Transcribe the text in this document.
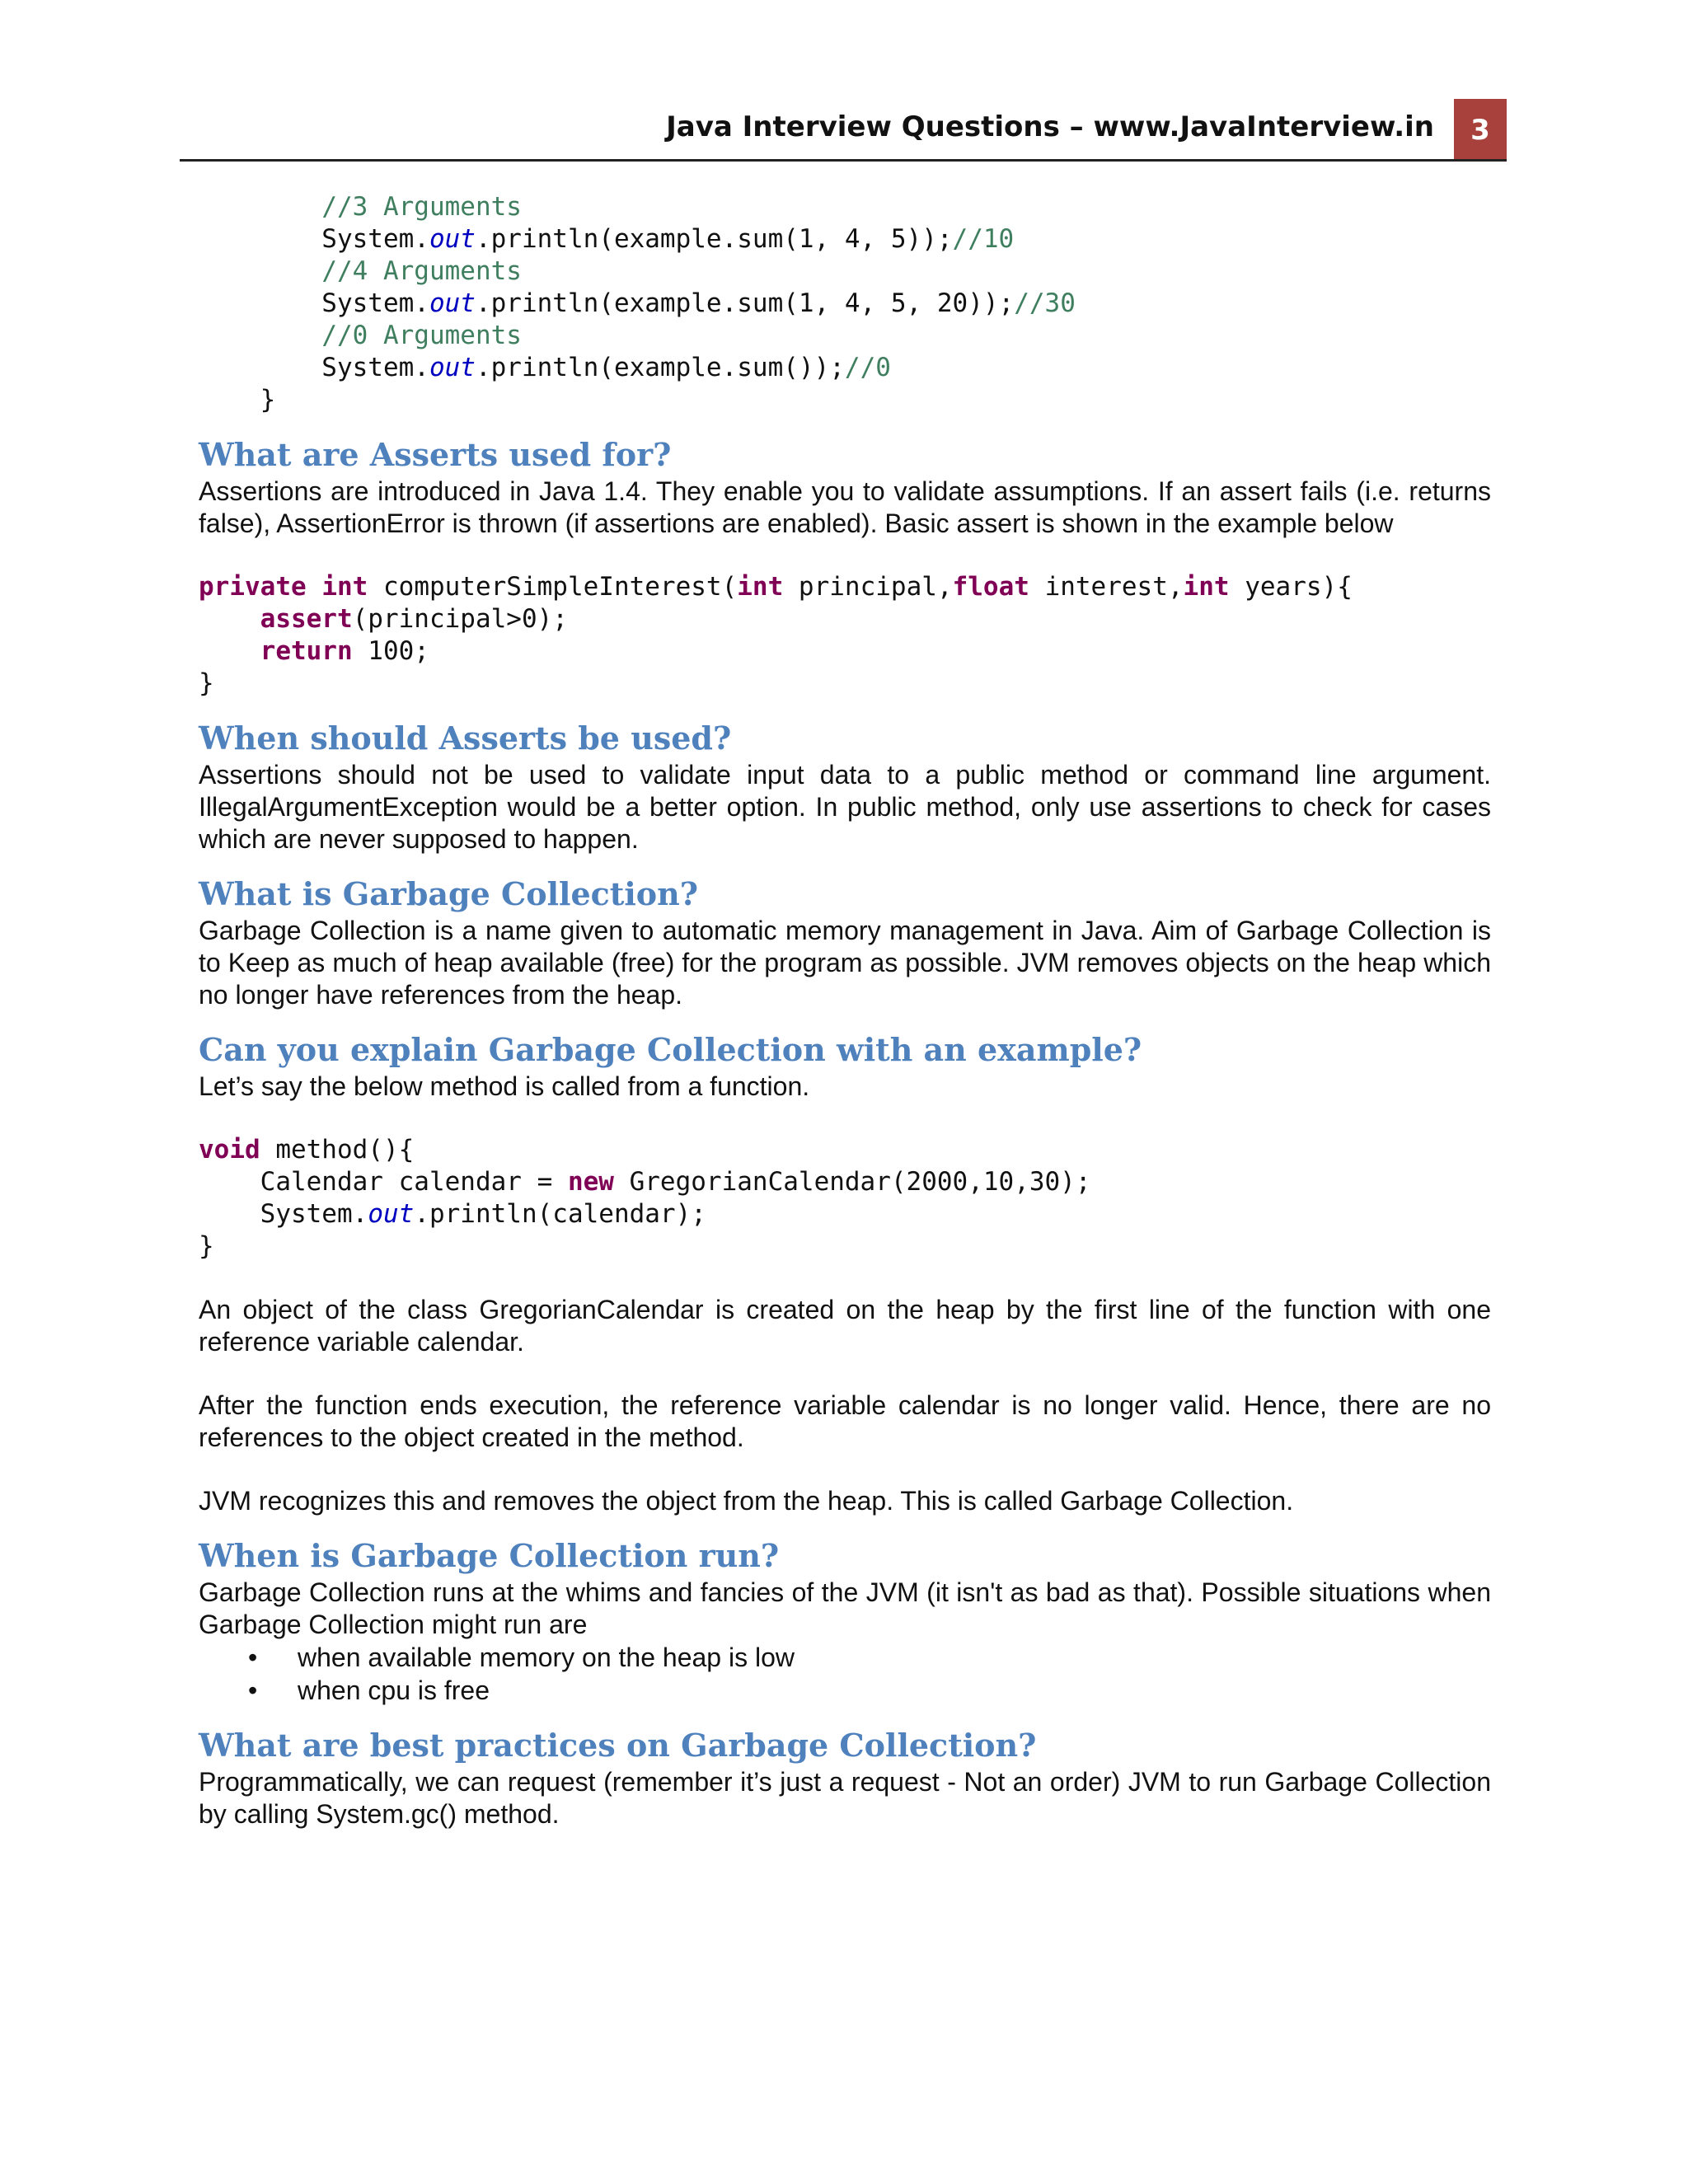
Java Interview Questions – www.JavaInterview.in	3
//3 Arguments
System.out.println(example.sum(1, 4, 5));//10
//4 Arguments
System.out.println(example.sum(1, 4, 5, 20));//30
//0 Arguments
System.out.println(example.sum());//0
}
What are Asserts used for?

Assertions are introduced in Java 1.4. They enable you to validate assumptions. If an assert fails (i.e. returns false), AssertionError is thrown (if assertions are enabled). Basic assert is shown in the example below

private int computerSimpleInterest(int principal,float interest,int years){
assert(principal>0);
return 100;
}
When should Asserts be used?

Assertions should not be used to validate input data to a public method or command line argument. IllegalArgumentException would be a better option. In public method, only use assertions to check for cases which are never supposed to happen.

What is Garbage Collection?

Garbage Collection is a name given to automatic memory management in Java. Aim of Garbage Collection is to Keep as much of heap available (free) for the program as possible. JVM removes objects on the heap which no longer have references from the heap.

Can you explain Garbage Collection with an example?

Let’s say the below method is called from a function.

void method(){
Calendar calendar = new GregorianCalendar(2000,10,30);
System.out.println(calendar);
}

An object of the class GregorianCalendar is created on the heap by the first line of the function with one reference variable calendar.

After the function ends execution, the reference variable calendar is no longer valid. Hence, there are no references to the object created in the method.

JVM recognizes this and removes the object from the heap. This is called Garbage Collection.

When is Garbage Collection run?

Garbage Collection runs at the whims and fancies of the JVM (it isn't as bad as that). Possible situations when Garbage Collection might run are

• when available memory on the heap is low
• when cpu is free
What are best practices on Garbage Collection?

Programmatically, we can request (remember it’s just a request - Not an order) JVM to run Garbage Collection by calling System.gc() method.
